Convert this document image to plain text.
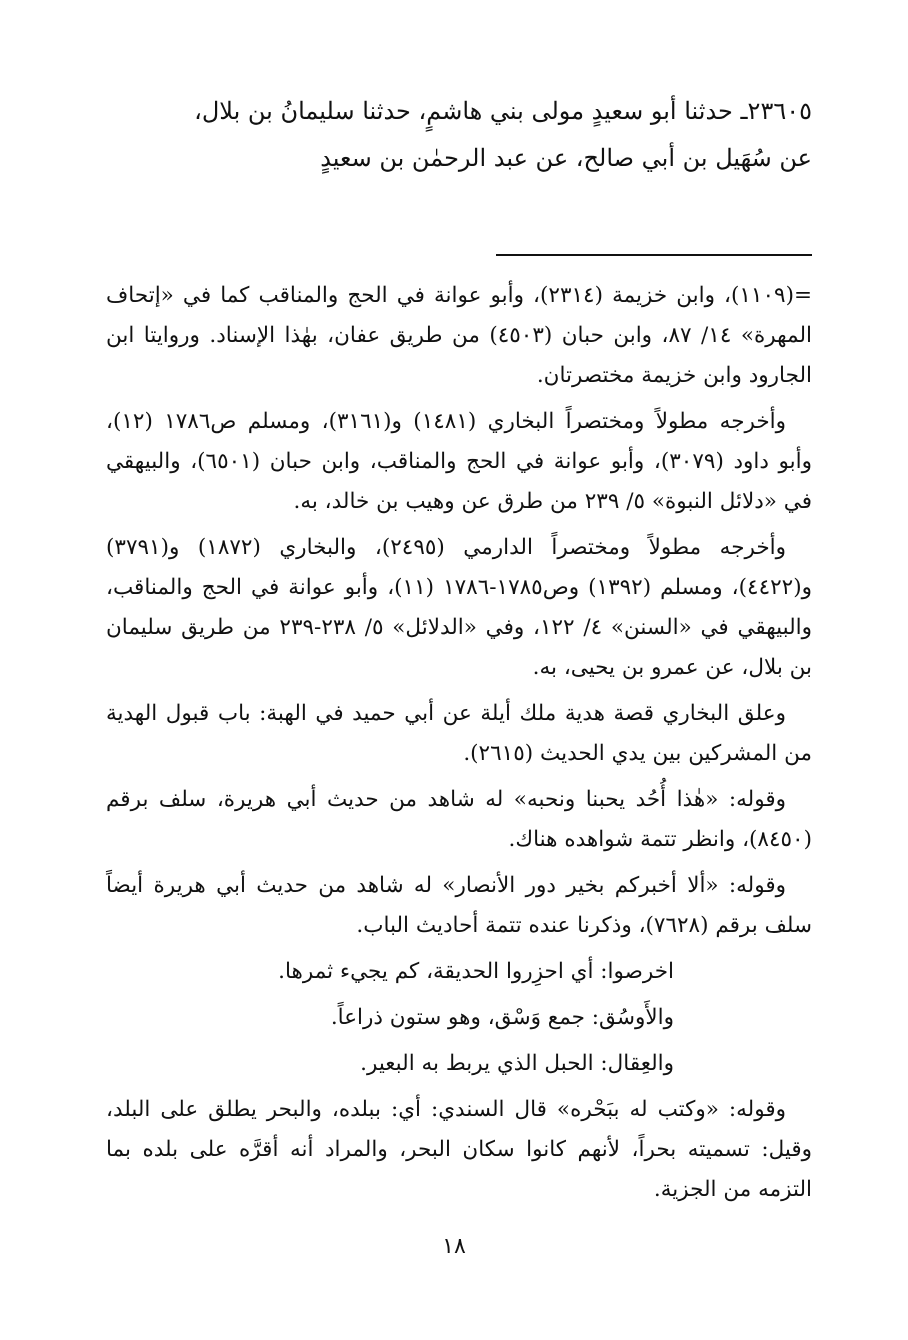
٢٣٦٠٥ـ حدثنا أبو سعيدٍ مولى بني هاشمٍ، حدثنا سليمانُ بن بلال،

عن سُهَيل بن أبي صالح، عن عبد الرحمٰن بن سعيدٍ

=(١١٠٩)، وابن خزيمة (٢٣١٤)، وأبو عوانة في الحج والمناقب كما في «إتحاف المهرة» ١٤/ ٨٧، وابن حبان (٤٥٠٣) من طريق عفان، بهٰذا الإسناد. وروايتا ابن الجارود وابن خزيمة مختصرتان.

وأخرجه مطولاً ومختصراً البخاري (١٤٨١) و(٣١٦١)، ومسلم ص١٧٨٦ (١٢)، وأبو داود (٣٠٧٩)، وأبو عوانة في الحج والمناقب، وابن حبان (٦٥٠١)، والبيهقي في «دلائل النبوة» ٥/ ٢٣٩ من طرق عن وهيب بن خالد، به.

وأخرجه مطولاً ومختصراً الدارمي (٢٤٩٥)، والبخاري (١٨٧٢) و(٣٧٩١) و(٤٤٢٢)، ومسلم (١٣٩٢) وص١٧٨٥-١٧٨٦ (١١)، وأبو عوانة في الحج والمناقب، والبيهقي في «السنن» ٤/ ١٢٢، وفي «الدلائل» ٥/ ٢٣٨-٢٣٩ من طريق سليمان بن بلال، عن عمرو بن يحيى، به.

وعلق البخاري قصة هدية ملك أيلة عن أبي حميد في الهبة: باب قبول الهدية من المشركين بين يدي الحديث (٢٦١٥).

وقوله: «هٰذا أُحُد يحبنا ونحبه» له شاهد من حديث أبي هريرة، سلف برقم (٨٤٥٠)، وانظر تتمة شواهده هناك.

وقوله: «ألا أخبركم بخير دور الأنصار» له شاهد من حديث أبي هريرة أيضاً سلف برقم (٧٦٢٨)، وذكرنا عنده تتمة أحاديث الباب.

اخرصوا: أي احزِروا الحديقة، كم يجيء ثمرها.

والأَوسُق: جمع وَسْق، وهو ستون ذراعاً.

والعِقال: الحبل الذي يربط به البعير.

وقوله: «وكتب له ببَحْره» قال السندي: أي: ببلده، والبحر يطلق على البلد، وقيل: تسميته بحراً، لأنهم كانوا سكان البحر، والمراد أنه أقرَّه على بلده بما التزمه من الجزية.

١٨
